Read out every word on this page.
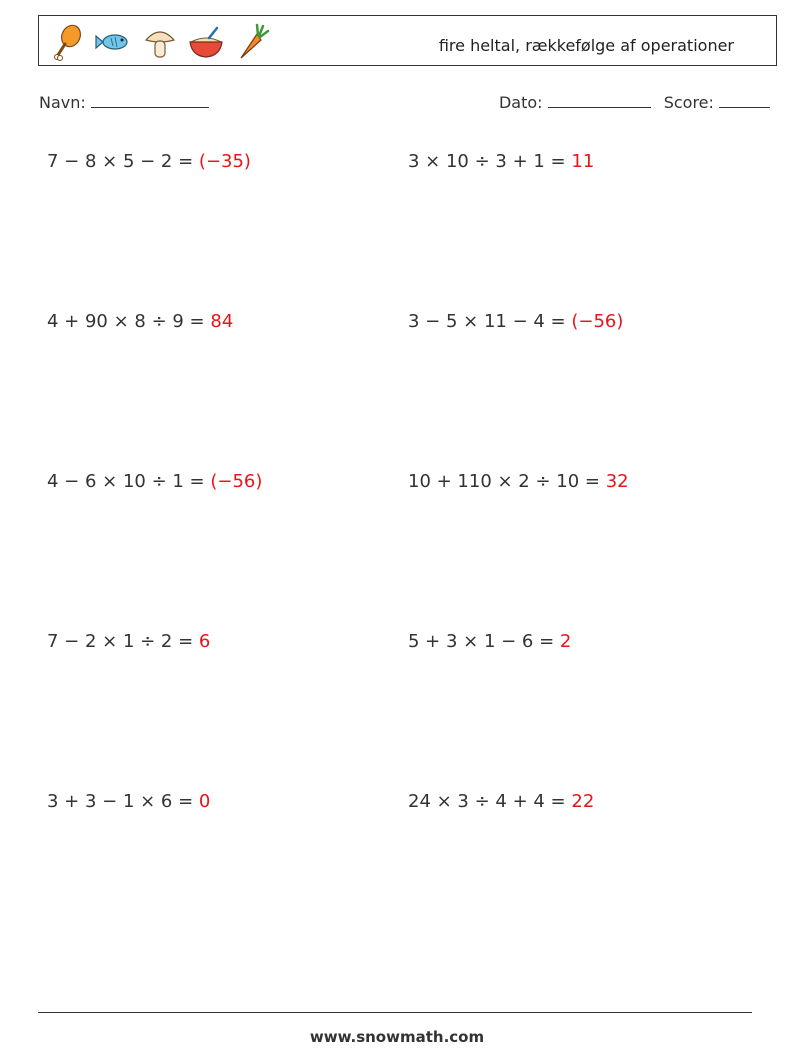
fire heltal, rækkefølge af operationer
Navn:	Dato:	Score:
7 − 8 × 5 − 2 = (−35)	3 × 10 ÷ 3 + 1 = 11
4 + 90 × 8 ÷ 9 = 84	3 − 5 × 11 − 4 = (−56)
4 − 6 × 10 ÷ 1 = (−56)	10 + 110 × 2 ÷ 10 = 32
7 − 2 × 1 ÷ 2 = 6	5 + 3 × 1 − 6 = 2
3 + 3 − 1 × 6 = 0	24 × 3 ÷ 4 + 4 = 22
www.snowmath.com
